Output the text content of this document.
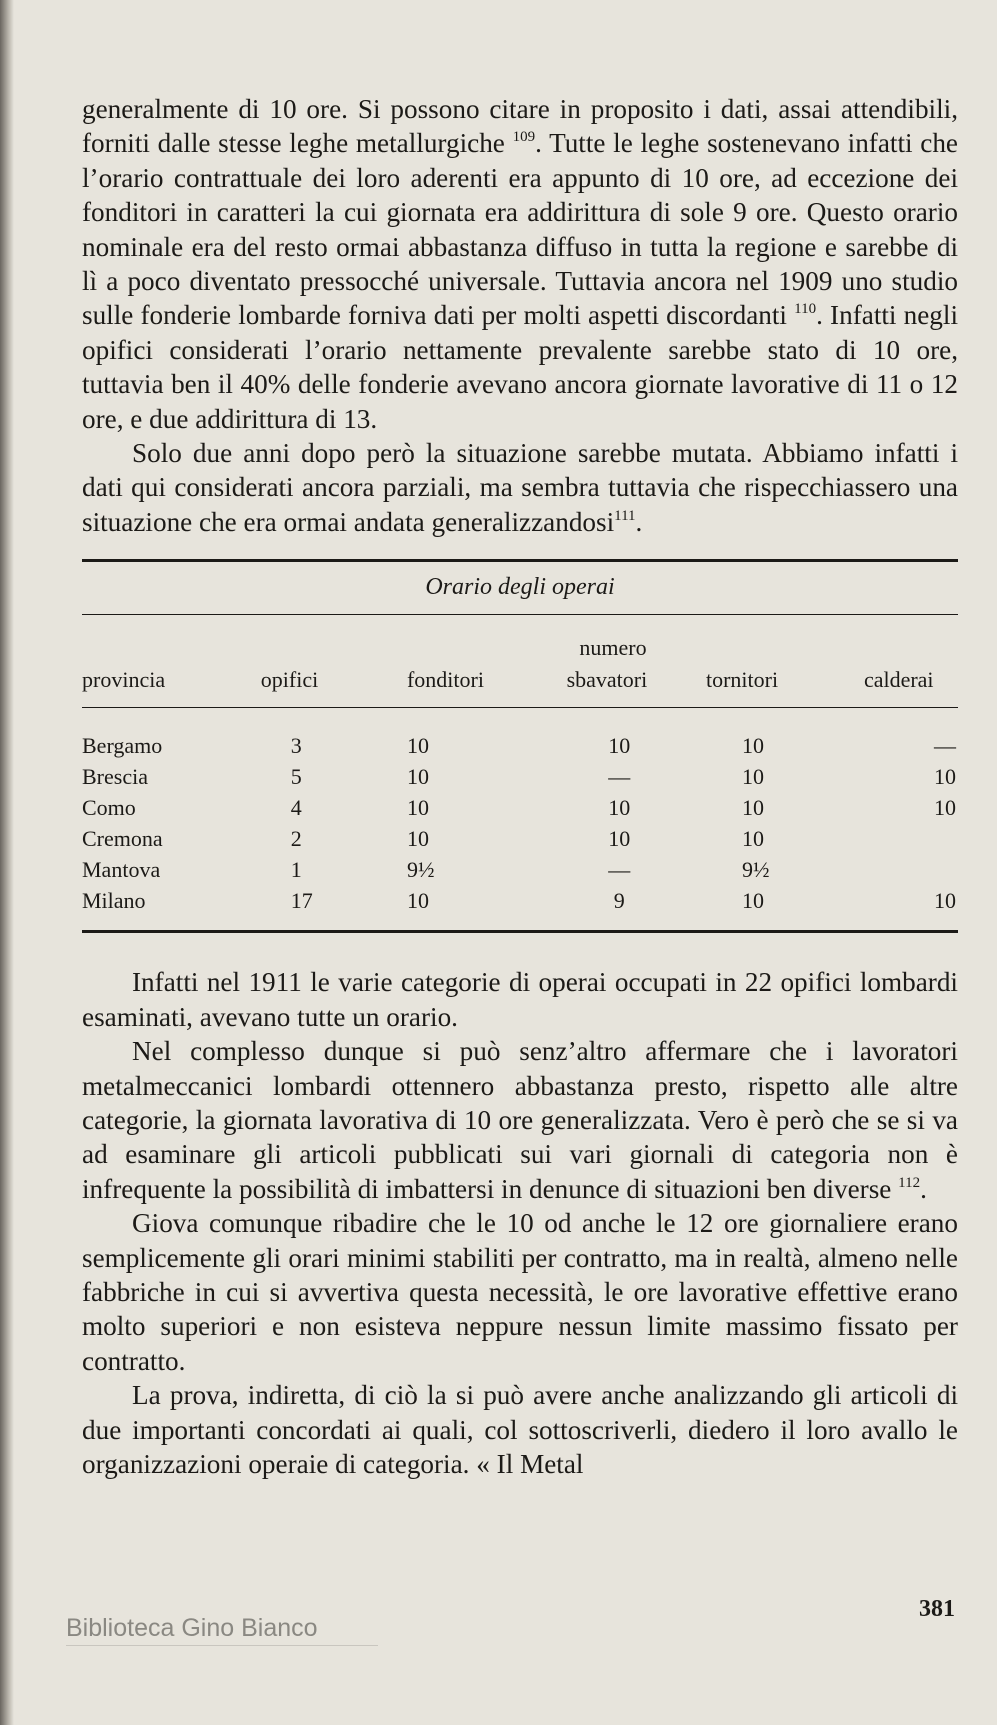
generalmente di 10 ore. Si possono citare in proposito i dati, assai attendibili, forniti dalle stesse leghe metallurgiche $^{109}$. Tutte le leghe sostenevano infatti che l’orario contrattuale dei loro aderenti era appunto di 10 ore, ad eccezione dei fonditori in caratteri la cui giornata era addirittura di sole 9 ore. Questo orario nominale era del resto ormai abbastanza diffuso in tutta la regione e sarebbe di lì a poco diventato pressocché universale. Tuttavia ancora nel 1909 uno studio sulle fonderie lombarde forniva dati per molti aspetti discordanti $^{110}$. Infatti negli opifici considerati l’orario nettamente prevalente sarebbe stato di 10 ore, tuttavia ben il 40% delle fonderie avevano ancora giornate lavorative di 11 o 12 ore, e due addirittura di 13.

Solo due anni dopo però la situazione sarebbe mutata. Abbiamo infatti i dati qui considerati ancora parziali, ma sembra tuttavia che rispecchiassero una situazione che era ormai andata generalizzandosi$^{111}$.

Orario degli operai
numero
provincia	opifici	fonditori	sbavatori	tornitori	calderai

Bergamo	3	10	10	10	—
Brescia	5	10	—	10	10
Como	4	10	10	10	10
Cremona	2	10	10	10	
Mantova	1	9½	—	9½	
Milano	17	10	9	10	10

Infatti nel 1911 le varie categorie di operai occupati in 22 opifici lombardi esaminati, avevano tutte un orario.

Nel complesso dunque si può senz’altro affermare che i lavoratori metalmeccanici lombardi ottennero abbastanza presto, rispetto alle altre categorie, la giornata lavorativa di 10 ore generalizzata. Vero è però che se si va ad esaminare gli articoli pubblicati sui vari giornali di categoria non è infrequente la possibilità di imbattersi in denunce di situazioni ben diverse $^{112}$.

Giova comunque ribadire che le 10 od anche le 12 ore giornaliere erano semplicemente gli orari minimi stabiliti per contratto, ma in realtà, almeno nelle fabbriche in cui si avvertiva questa necessità, le ore lavorative effettive erano molto superiori e non esisteva neppure nessun limite massimo fissato per contratto.

La prova, indiretta, di ciò la si può avere anche analizzando gli articoli di due importanti concordati ai quali, col sottoscriverli, diedero il loro avallo le organizzazioni operaie di categoria. « Il Metal

381
Biblioteca Gino Bianco
